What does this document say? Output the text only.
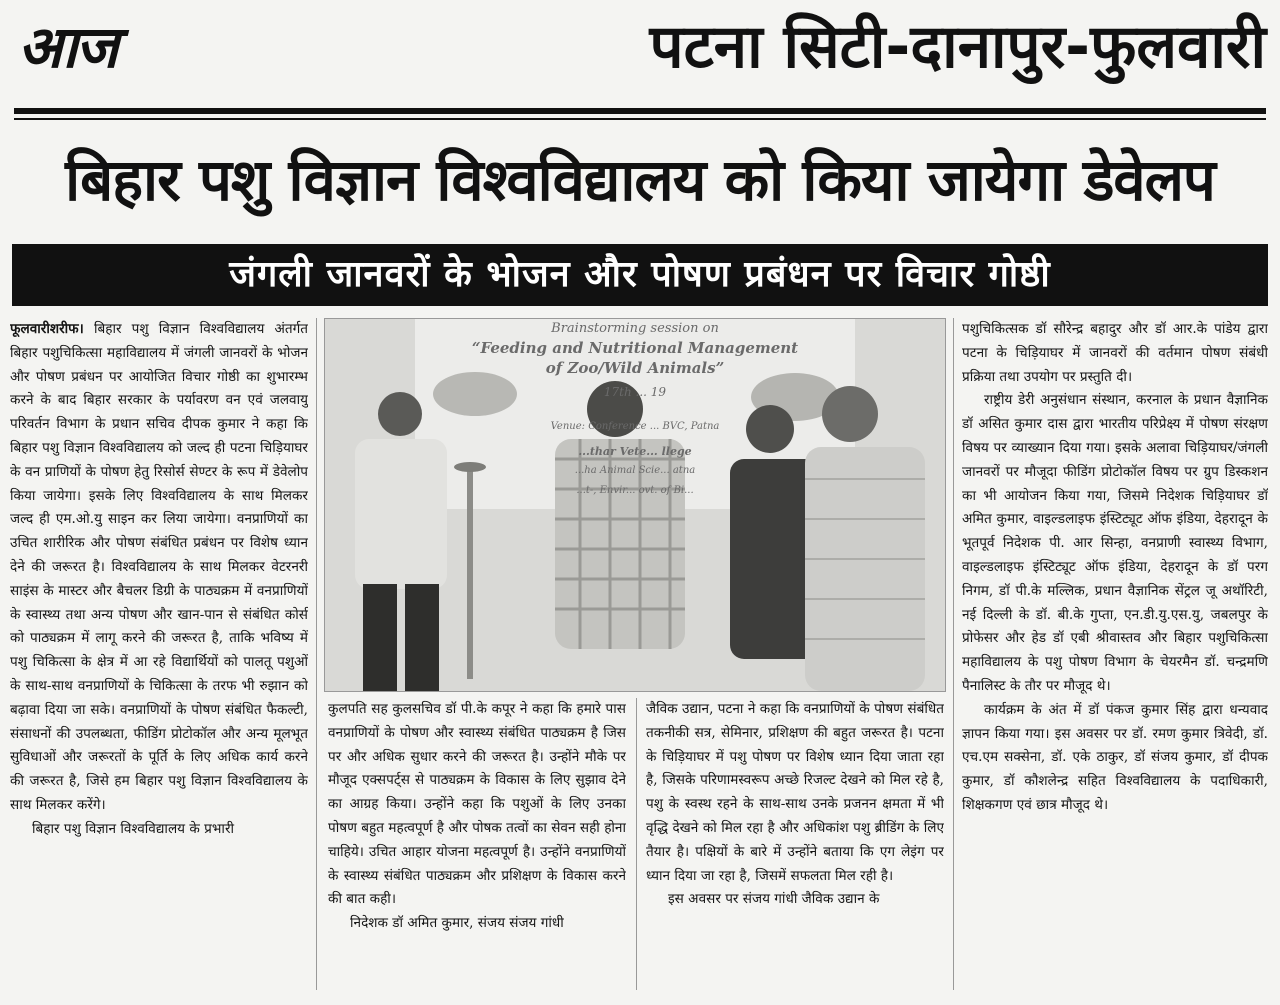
आज	पटना सिटी-दानापुर-फुलवारी
बिहार पशु विज्ञान विश्वविद्यालय को किया जायेगा डेवेलप
जंगली जानवरों के भोजन और पोषण प्रबंधन पर विचार गोष्ठी

फूलवारीशरीफ। बिहार पशु विज्ञान विश्वविद्यालय अंतर्गत बिहार पशुचिकित्सा महाविद्यालय में जंगली जानवरों के भोजन और पोषण प्रबंधन पर आयोजित विचार गोष्ठी का शुभारम्भ करने के बाद बिहार सरकार के पर्यावरण वन एवं जलवायु परिवर्तन विभाग के प्रधान सचिव दीपक कुमार ने कहा कि बिहार पशु विज्ञान विश्वविद्यालय को जल्द ही पटना चिड़ियाघर के वन प्राणियों के पोषण हेतु रिसोर्स सेण्टर के रूप में डेवेलोप किया जायेगा। इसके लिए विश्वविद्यालय के साथ मिलकर जल्द ही एम.ओ.यु साइन कर लिया जायेगा। वनप्राणियों का उचित शारीरिक और पोषण संबंधित प्रबंधन पर विशेष ध्यान देने की जरूरत है। विश्वविद्यालय के साथ मिलकर वेटरनरी साइंस के मास्टर और बैचलर डिग्री के पाठ्यक्रम में वनप्राणियों के स्वास्थ्य तथा अन्य पोषण और खान-पान से संबंधित कोर्स को पाठ्यक्रम में लागू करने की जरूरत है, ताकि भविष्य में पशु चिकित्सा के क्षेत्र में आ रहे विद्यार्थियों को पालतू पशुओं के साथ-साथ वनप्राणियों के चिकित्सा के तरफ भी रुझान को बढ़ावा दिया जा सके। वनप्राणियों के पोषण संबंधित फैकल्टी, संसाधनों की उपलब्धता, फीडिंग प्रोटोकॉल और अन्य मूलभूत सुविधाओं और जरूरतों के पूर्ति के लिए अधिक कार्य करने की जरूरत है, जिसे हम बिहार पशु विज्ञान विश्वविद्यालय के साथ मिलकर करेंगे।

बिहार पशु विज्ञान विश्वविद्यालय के प्रभारी

Brainstorming session on
“Feeding and Nutritional Management
of Zoo/Wild Animals”
17th ... 19
Venue: Conference ... BVC, Patna
...thar Vete... llege
...ha Animal Scie... atna
...t-, Envir... ovt. of Bi...

कुलपति सह कुलसचिव डॉ पी.के कपूर ने कहा कि हमारे पास वनप्राणियों के पोषण और स्वास्थ्य संबंधित पाठ्यक्रम है जिस पर और अधिक सुधार करने की जरूरत है। उन्होंने मौके पर मौजूद एक्सपर्ट्स से पाठ्यक्रम के विकास के लिए सुझाव देने का आग्रह किया। उन्होंने कहा कि पशुओं के लिए उनका पोषण बहुत महत्वपूर्ण है और पोषक तत्वों का सेवन सही होना चाहिये। उचित आहार योजना महत्वपूर्ण है। उन्होंने वनप्राणियों के स्वास्थ्य संबंधित पाठ्यक्रम और प्रशिक्षण के विकास करने की बात कही।

निदेशक डॉ अमित कुमार, संजय संजय गांधी

जैविक उद्यान, पटना ने कहा कि वनप्राणियों के पोषण संबंधित तकनीकी सत्र, सेमिनार, प्रशिक्षण की बहुत जरूरत है। पटना के चिड़ियाघर में पशु पोषण पर विशेष ध्यान दिया जाता रहा है, जिसके परिणामस्वरूप अच्छे रिजल्ट देखने को मिल रहे है, पशु के स्वस्थ रहने के साथ-साथ उनके प्रजनन क्षमता में भी वृद्धि देखने को मिल रहा है और अधिकांश पशु ब्रीडिंग के लिए तैयार है। पक्षियों के बारे में उन्होंने बताया कि एग लेइंग पर ध्यान दिया जा रहा है, जिसमें सफलता मिल रही है।

इस अवसर पर संजय गांधी जैविक उद्यान के

पशुचिकित्सक डॉ सौरेन्द्र बहादुर और डॉ आर.के पांडेय द्वारा पटना के चिड़ियाघर में जानवरों की वर्तमान पोषण संबंधी प्रक्रिया तथा उपयोग पर प्रस्तुति दी।

राष्ट्रीय डेरी अनुसंधान संस्थान, करनाल के प्रधान वैज्ञानिक डॉ असित कुमार दास द्वारा भारतीय परिप्रेक्ष्य में पोषण संरक्षण विषय पर व्याख्यान दिया गया। इसके अलावा चिड़ियाघर/जंगली जानवरों पर मौजूदा फीडिंग प्रोटोकॉल विषय पर ग्रुप डिस्कशन का भी आयोजन किया गया, जिसमे निदेशक चिड़ियाघर डॉ अमित कुमार, वाइल्डलाइफ इंस्टिट्यूट ऑफ इंडिया, देहरादून के भूतपूर्व निदेशक पी. आर सिन्हा, वनप्राणी स्वास्थ्य विभाग, वाइल्डलाइफ इंस्टिट्यूट ऑफ इंडिया, देहरादून के डॉ परग निगम, डॉ पी.के मल्लिक, प्रधान वैज्ञानिक सेंट्रल जू अथॉरिटी, नई दिल्ली के डॉ. बी.के गुप्ता, एन.डी.यु.एस.यु, जबलपुर के प्रोफेसर और हेड डॉ एबी श्रीवास्तव और बिहार पशुचिकित्सा महाविद्यालय के पशु पोषण विभाग के चेयरमैन डॉ. चन्द्रमणि पैनालिस्ट के तौर पर मौजूद थे।

कार्यक्रम के अंत में डॉ पंकज कुमार सिंह द्वारा धन्यवाद ज्ञापन किया गया। इस अवसर पर डॉ. रमण कुमार त्रिवेदी, डॉ. एच.एम सक्सेना, डॉ. एके ठाकुर, डॉ संजय कुमार, डॉ दीपक कुमार, डॉ कौशलेन्द्र सहित विश्वविद्यालय के पदाधिकारी, शिक्षकगण एवं छात्र मौजूद थे।
